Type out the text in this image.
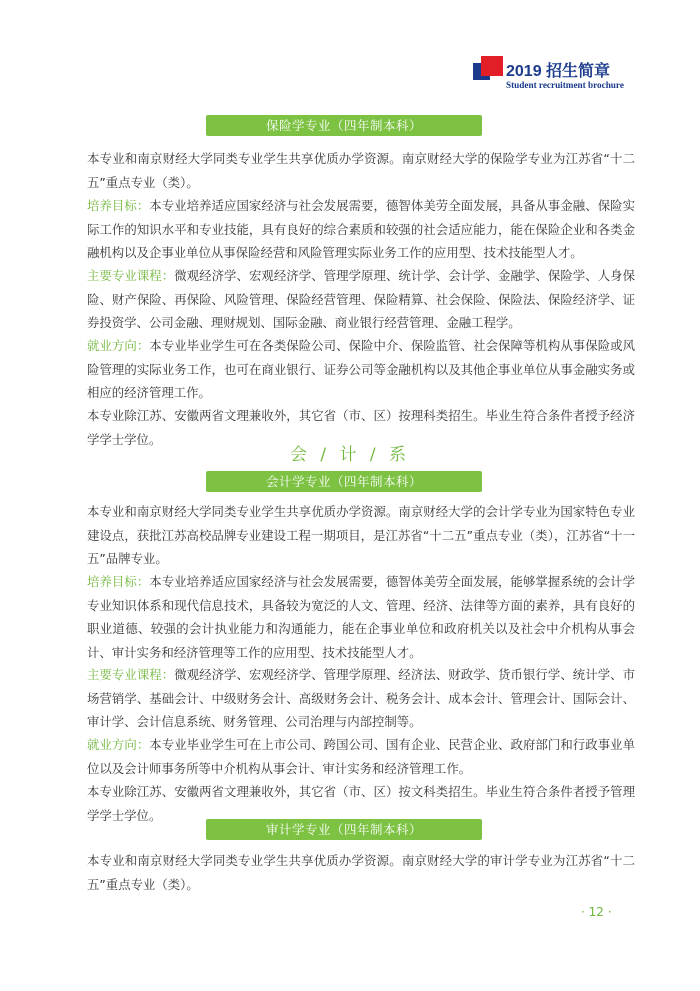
2019 招生简章
Student recruitment brochure
保险学专业（四年制本科）

本专业和南京财经大学同类专业学生共享优质办学资源。南京财经大学的保险学专业为江苏省“十二五”重点专业（类）。

培养目标：本专业培养适应国家经济与社会发展需要，德智体美劳全面发展，具备从事金融、保险实际工作的知识水平和专业技能，具有良好的综合素质和较强的社会适应能力，能在保险企业和各类金融机构以及企事业单位从事保险经营和风险管理实际业务工作的应用型、技术技能型人才。

主要专业课程：微观经济学、宏观经济学、管理学原理、统计学、会计学、金融学、保险学、人身保险、财产保险、再保险、风险管理、保险经营管理、保险精算、社会保险、保险法、保险经济学、证券投资学、公司金融、理财规划、国际金融、商业银行经营管理、金融工程学。

就业方向：本专业毕业学生可在各类保险公司、保险中介、保险监管、社会保障等机构从事保险或风险管理的实际业务工作，也可在商业银行、证券公司等金融机构以及其他企事业单位从事金融实务或相应的经济管理工作。

本专业除江苏、安徽两省文理兼收外，其它省（市、区）按理科类招生。毕业生符合条件者授予经济学学士学位。

会 / 计 / 系
会计学专业（四年制本科）

本专业和南京财经大学同类专业学生共享优质办学资源。南京财经大学的会计学专业为国家特色专业建设点，获批江苏高校品牌专业建设工程一期项目，是江苏省“十二五”重点专业（类），江苏省“十一五”品牌专业。

培养目标：本专业培养适应国家经济与社会发展需要，德智体美劳全面发展，能够掌握系统的会计学专业知识体系和现代信息技术，具备较为宽泛的人文、管理、经济、法律等方面的素养，具有良好的职业道德、较强的会计执业能力和沟通能力，能在企事业单位和政府机关以及社会中介机构从事会计、审计实务和经济管理等工作的应用型、技术技能型人才。

主要专业课程：微观经济学、宏观经济学、管理学原理、经济法、财政学、货币银行学、统计学、市场营销学、基础会计、中级财务会计、高级财务会计、税务会计、成本会计、管理会计、国际会计、审计学、会计信息系统、财务管理、公司治理与内部控制等。

就业方向：本专业毕业学生可在上市公司、跨国公司、国有企业、民营企业、政府部门和行政事业单位以及会计师事务所等中介机构从事会计、审计实务和经济管理工作。

本专业除江苏、安徽两省文理兼收外，其它省（市、区）按文科类招生。毕业生符合条件者授予管理学学士学位。

审计学专业（四年制本科）

本专业和南京财经大学同类专业学生共享优质办学资源。南京财经大学的审计学专业为江苏省“十二五”重点专业（类）。

· 12 ·
